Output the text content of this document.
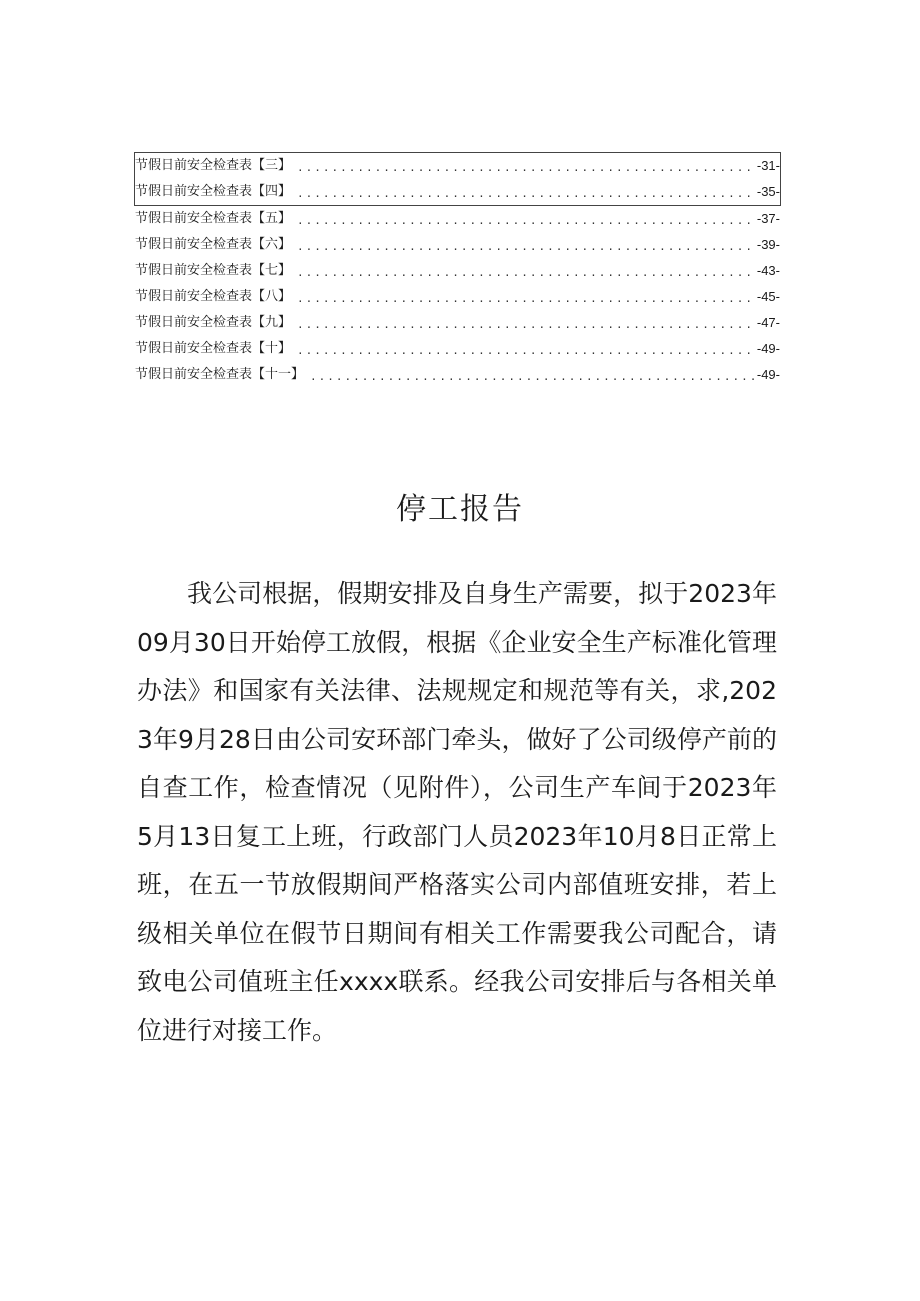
节假日前安全检查表【三】 .....	-31-
节假日前安全检查表【四】 .....	-35-
节假日前安全检查表【五】 .....	-37-
节假日前安全检查表【六】 .....	-39-
节假日前安全检查表【七】 .....	-43-
节假日前安全检查表【八】 .....	-45-
节假日前安全检查表【九】 .....	-47-
节假日前安全检查表【十】 .....	-49-
节假日前安全检查表【十一】 .....	-49-
停工报告

我公司根据，假期安排及自身生产需要，拟于2023年09月30日开始停工放假，根据《企业安全生产标准化管理办法》和国家有关法律、法规规定和规范等有关，求,2023年9月28日由公司安环部门牵头，做好了公司级停产前的自查工作，检查情况（见附件），公司生产车间于2023年5月13日复工上班，行政部门人员2023年10月8日正常上班，在五一节放假期间严格落实公司内部值班安排，若上级相关单位在假节日期间有相关工作需要我公司配合，请致电公司值班主任xxxx联系。经我公司安排后与各相关单位进行对接工作。
